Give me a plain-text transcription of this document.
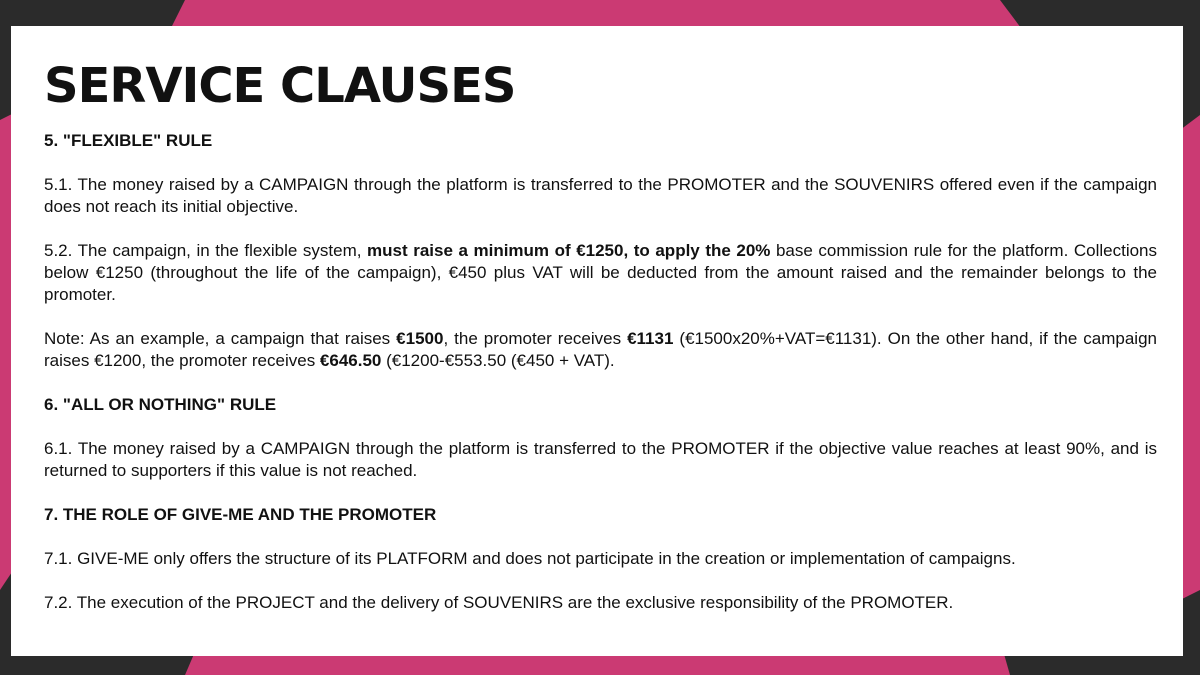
SERVICE CLAUSES

5. "FLEXIBLE" RULE

5.1. The money raised by a CAMPAIGN through the platform is transferred to the PROMOTER and the SOUVENIRS offered even if the campaign does not reach its initial objective.

5.2. The campaign, in the flexible system, must raise a minimum of €1250, to apply the 20% base commission rule for the platform. Collections below €1250 (throughout the life of the campaign), €450 plus VAT will be deducted from the amount raised and the remainder belongs to the promoter.

Note: As an example, a campaign that raises €1500, the promoter receives €1131 (€1500x20%+VAT=€1131). On the other hand, if the campaign raises €1200, the promoter receives €646.50 (€1200-€553.50 (€450 + VAT).

6. "ALL OR NOTHING" RULE

6.1. The money raised by a CAMPAIGN through the platform is transferred to the PROMOTER if the objective value reaches at least 90%, and is returned to supporters if this value is not reached.

7. THE ROLE OF GIVE-ME AND THE PROMOTER

7.1. GIVE-ME only offers the structure of its PLATFORM and does not participate in the creation or implementation of campaigns.

7.2. The execution of the PROJECT and the delivery of SOUVENIRS are the exclusive responsibility of the PROMOTER.
